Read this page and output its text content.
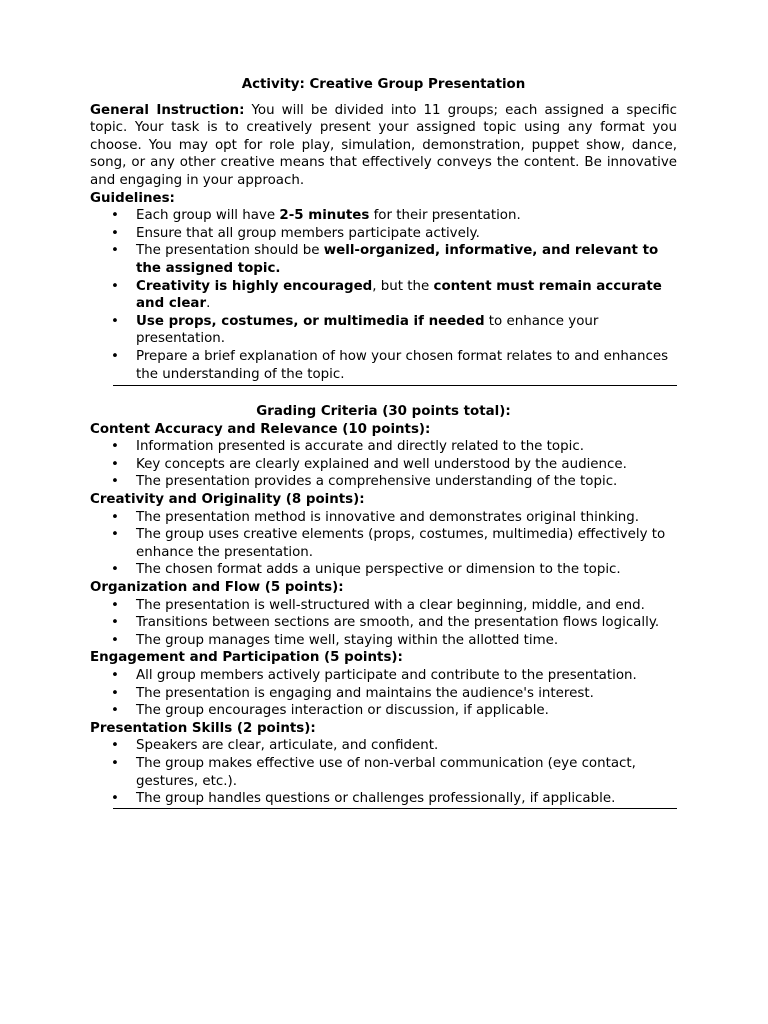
Activity: Creative Group Presentation

General Instruction: You will be divided into 11 groups; each assigned a specific topic. Your task is to creatively present your assigned topic using any format you choose. You may opt for role play, simulation, demonstration, puppet show, dance, song, or any other creative means that effectively conveys the content. Be innovative and engaging in your approach.

Guidelines:
• Each group will have 2-5 minutes for their presentation.
• Ensure that all group members participate actively.
• The presentation should be well-organized, informative, and relevant to the assigned topic.
• Creativity is highly encouraged, but the content must remain accurate and clear.
• Use props, costumes, or multimedia if needed to enhance your presentation.
• Prepare a brief explanation of how your chosen format relates to and enhances the understanding of the topic.
Grading Criteria (30 points total):
Content Accuracy and Relevance (10 points):
• Information presented is accurate and directly related to the topic.
• Key concepts are clearly explained and well understood by the audience.
• The presentation provides a comprehensive understanding of the topic.
Creativity and Originality (8 points):
• The presentation method is innovative and demonstrates original thinking.
• The group uses creative elements (props, costumes, multimedia) effectively to enhance the presentation.
• The chosen format adds a unique perspective or dimension to the topic.
Organization and Flow (5 points):
• The presentation is well-structured with a clear beginning, middle, and end.
• Transitions between sections are smooth, and the presentation flows logically.
• The group manages time well, staying within the allotted time.
Engagement and Participation (5 points):
• All group members actively participate and contribute to the presentation.
• The presentation is engaging and maintains the audience's interest.
• The group encourages interaction or discussion, if applicable.
Presentation Skills (2 points):
• Speakers are clear, articulate, and confident.
• The group makes effective use of non-verbal communication (eye contact, gestures, etc.).
• The group handles questions or challenges professionally, if applicable.
